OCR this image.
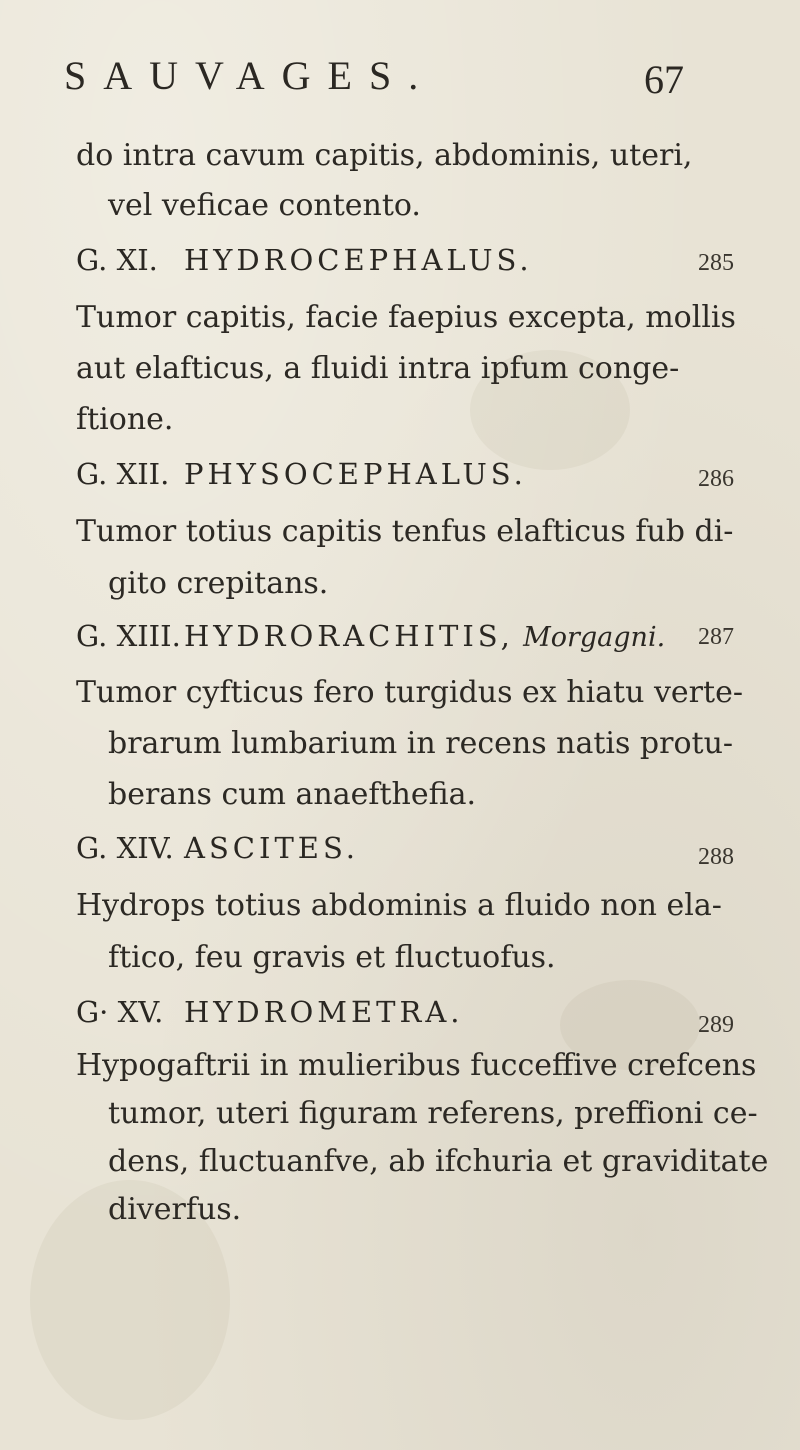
SAUVAGES.	67
do intra cavum capitis, abdominis, uteri,
vel veficae contento.
G. XI. HYDROCEPHALUS.	285
Tumor capitis, facie faepius excepta, mollis
aut elafticus, a fluidi intra ipfum conge-
ftione.
G. XII. PHYSOCEPHALUS.	286
Tumor totius capitis tenfus elafticus fub di-
gito crepitans.
G. XIII. HYDRORACHITIS, Morgagni. 287
Tumor cyfticus fero turgidus ex hiatu verte-
brarum lumbarium in recens natis protu-
berans cum anaefthefia.
G. XIV. ASCITES.	288
Hydrops totius abdominis a fluido non ela-
ftico, feu gravis et fluctuofus.
G· XV. HYDROMETRA.	289
Hypogaftrii in mulieribus fucceffive crefcens
tumor, uteri figuram referens, preffioni ce-
dens, fluctuanfve, ab ifchuria et graviditate
diverfus.
